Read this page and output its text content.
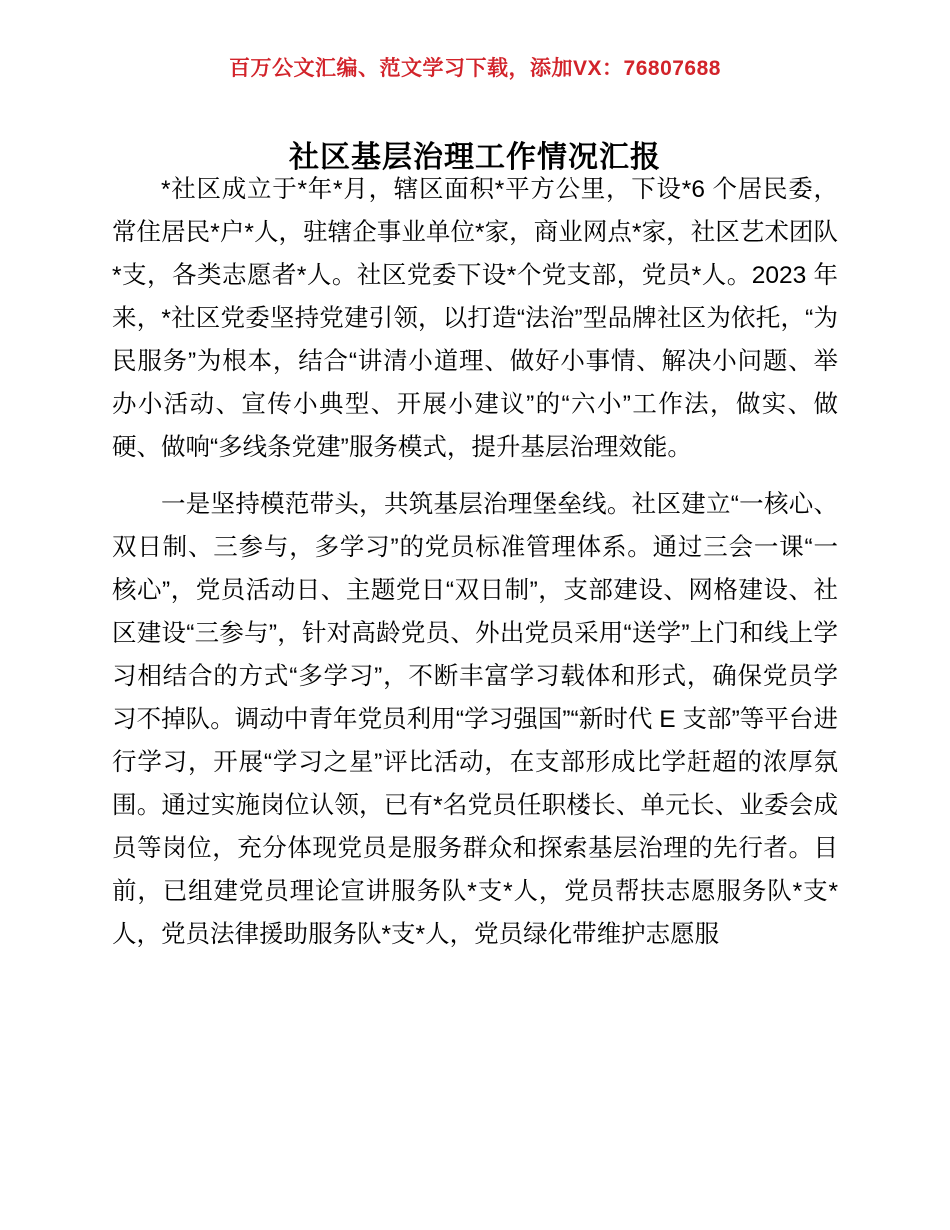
百万公文汇编、范文学习下载，添加VX：76807688
社区基层治理工作情况汇报

*社区成立于*年*月，辖区面积*平方公里，下设*6 个居民委，常住居民*户*人，驻辖企事业单位*家，商业网点*家，社区艺术团队*支，各类志愿者*人。社区党委下设*个党支部，党员*人。2023 年来，*社区党委坚持党建引领，以打造“法治”型品牌社区为依托，“为民服务”为根本，结合“讲清小道理、做好小事情、解决小问题、举办小活动、宣传小典型、开展小建议”的“六小”工作法，做实、做硬、做响“多线条党建”服务模式，提升基层治理效能。

一是坚持模范带头，共筑基层治理堡垒线。社区建立“一核心、双日制、三参与，多学习”的党员标准管理体系。通过三会一课“一核心”，党员活动日、主题党日“双日制”，支部建设、网格建设、社区建设“三参与”，针对高龄党员、外出党员采用“送学”上门和线上学习相结合的方式“多学习”，不断丰富学习载体和形式，确保党员学习不掉队。调动中青年党员利用“学习强国”“新时代 E 支部”等平台进行学习，开展“学习之星”评比活动，在支部形成比学赶超的浓厚氛围。通过实施岗位认领，已有*名党员任职楼长、单元长、业委会成员等岗位，充分体现党员是服务群众和探索基层治理的先行者。目前，已组建党员理论宣讲服务队*支*人，党员帮扶志愿服务队*支*人，党员法律援助服务队*支*人，党员绿化带维护志愿服
